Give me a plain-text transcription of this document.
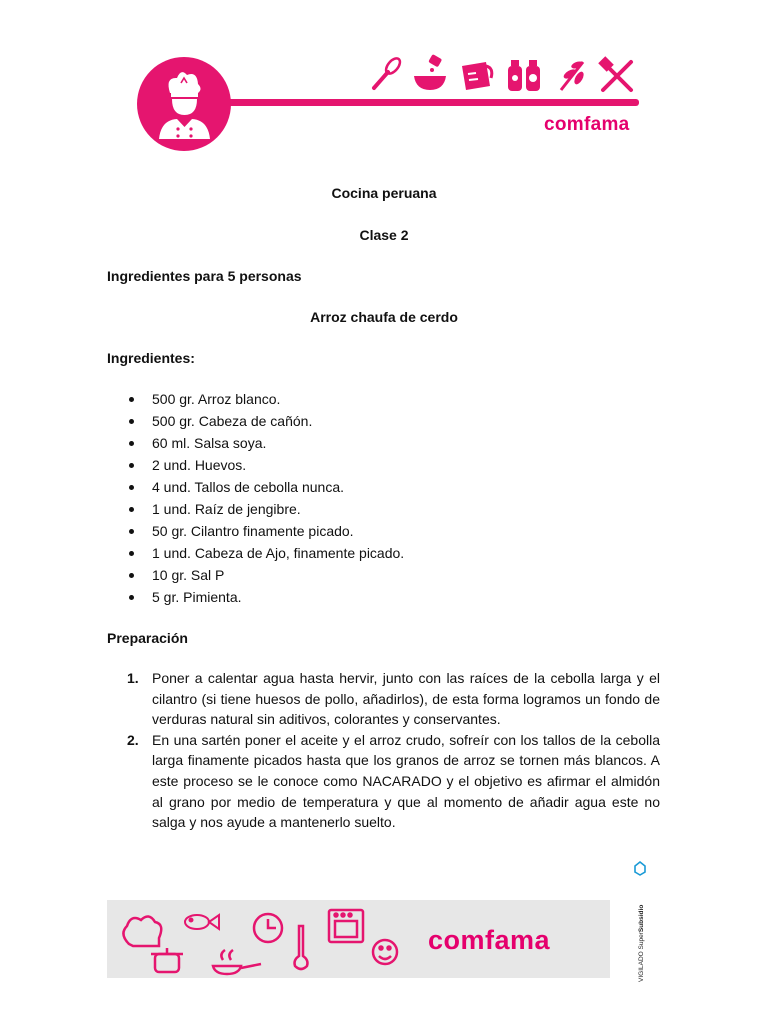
comfama
Cocina peruana
Clase 2
Ingredientes para 5 personas
Arroz chaufa de cerdo
Ingredientes:
500 gr. Arroz blanco.
500 gr. Cabeza de cañón.
60 ml. Salsa soya.
2 und. Huevos.
4 und. Tallos de cebolla nunca.
1 und. Raíz de jengibre.
50 gr. Cilantro finamente picado.
1 und. Cabeza de Ajo, finamente picado.
10 gr. Sal P
5 gr. Pimienta.
Preparación
1. Poner a calentar agua hasta hervir, junto con las raíces de la cebolla larga y el cilantro (si tiene huesos de pollo, añadirlos), de esta forma logramos un fondo de verduras natural sin aditivos, colorantes y conservantes.
2. En una sartén poner el aceite y el arroz crudo, sofreír con los tallos de la cebolla larga finamente picados hasta que los granos de arroz se tornen más blancos. A este proceso se le conoce como NACARADO y el objetivo es afirmar el almidón al grano por medio de temperatura y que al momento de añadir agua este no salga y nos ayude a mantenerlo suelto.
comfama	VIGILADO SuperSubsidio
